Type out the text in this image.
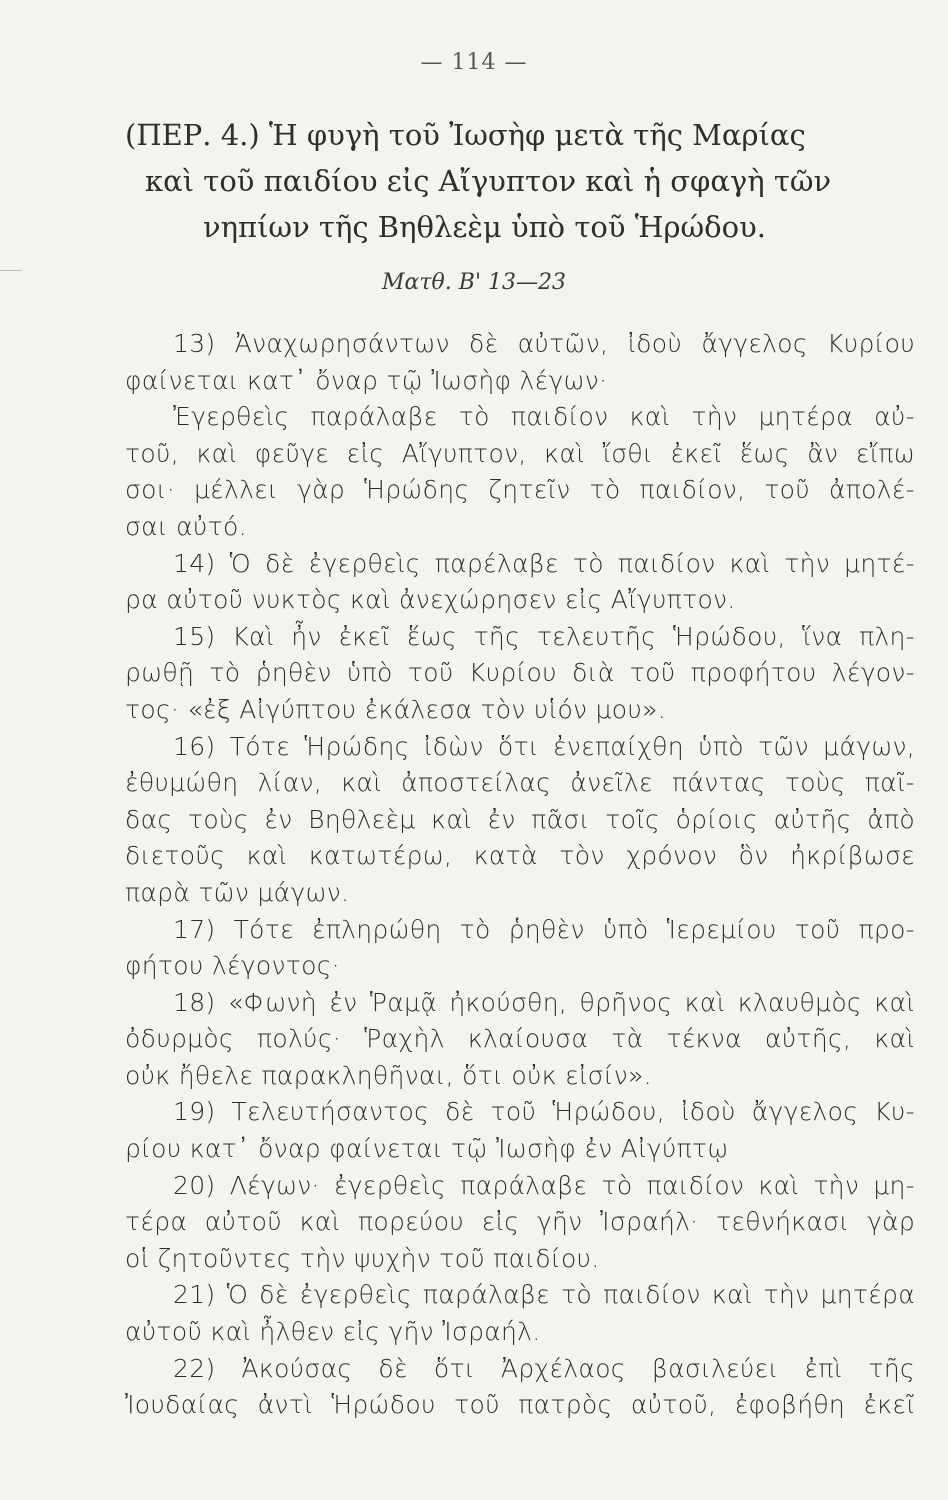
— 114 —
(ΠΕΡ. 4.) Ἡ φυγὴ τοῦ Ἰωσὴφ μετὰ τῆς Μαρίας
καὶ τοῦ παιδίου εἰς Αἴγυπτον καὶ ἡ σφαγὴ τῶν
νηπίων τῆς Βηθλεὲμ ὑπὸ τοῦ Ἡρώδου.
Ματθ. Β' 13—23
13) Ἀναχωρησάντων δὲ αὐτῶν, ἰδοὺ ἄγγελος Κυρίου
φαίνεται κατ᾿ ὄναρ τῷ Ἰωσὴφ λέγων·
Ἐγερθεὶς παράλαβε τὸ παιδίον καὶ τὴν μητέρα αὐ-
τοῦ, καὶ φεῦγε εἰς Αἴγυπτον, καὶ ἴσθι ἐκεῖ ἕως ἂν εἴπω
σοι· μέλλει γὰρ Ἡρώδης ζητεῖν τὸ παιδίον, τοῦ ἀπολέ-
σαι αὐτό.
14) Ὁ δὲ ἐγερθεὶς παρέλαβε τὸ παιδίον καὶ τὴν μητέ-
ρα αὐτοῦ νυκτὸς καὶ ἀνεχώρησεν εἰς Αἴγυπτον.
15) Καὶ ἦν ἐκεῖ ἕως τῆς τελευτῆς Ἡρώδου, ἵνα πλη-
ρωθῇ τὸ ῥηθὲν ὑπὸ τοῦ Κυρίου διὰ τοῦ προφήτου λέγον-
τος· «ἐξ Αἰγύπτου ἐκάλεσα τὸν υἱόν μου».
16) Τότε Ἡρώδης ἰδὼν ὅτι ἐνεπαίχθη ὑπὸ τῶν μάγων,
ἐθυμώθη λίαν, καὶ ἀποστείλας ἀνεῖλε πάντας τοὺς παῖ-
δας τοὺς ἐν Βηθλεὲμ καὶ ἐν πᾶσι τοῖς ὁρίοις αὐτῆς ἀπὸ
διετοῦς καὶ κατωτέρω, κατὰ τὸν χρόνον ὃν ἠκρίβωσε
παρὰ τῶν μάγων.
17) Τότε ἐπληρώθη τὸ ῥηθὲν ὑπὸ Ἱερεμίου τοῦ προ-
φήτου λέγοντος·
18) «Φωνὴ ἐν Ῥαμᾷ ἠκούσθη, θρῆνος καὶ κλαυθμὸς καὶ
ὀδυρμὸς πολύς· Ῥαχὴλ κλαίουσα τὰ τέκνα αὐτῆς, καὶ
οὐκ ἤθελε παρακληθῆναι, ὅτι οὐκ εἰσίν».
19) Τελευτήσαντος δὲ τοῦ Ἡρώδου, ἰδοὺ ἄγγελος Κυ-
ρίου κατ᾿ ὄναρ φαίνεται τῷ Ἰωσὴφ ἐν Αἰγύπτῳ
20) Λέγων· ἐγερθεὶς παράλαβε τὸ παιδίον καὶ τὴν μη-
τέρα αὐτοῦ καὶ πορεύου εἰς γῆν Ἰσραήλ· τεθνήκασι γὰρ
οἱ ζητοῦντες τὴν ψυχὴν τοῦ παιδίου.
21) Ὁ δὲ ἐγερθεὶς παράλαβε τὸ παιδίον καὶ τὴν μητέρα
αὐτοῦ καὶ ἦλθεν εἰς γῆν Ἰσραήλ.
22) Ἀκούσας δὲ ὅτι Ἀρχέλαος βασιλεύει ἐπὶ τῆς
Ἰουδαίας ἀντὶ Ἡρώδου τοῦ πατρὸς αὐτοῦ, ἐφοβήθη ἐκεῖ
